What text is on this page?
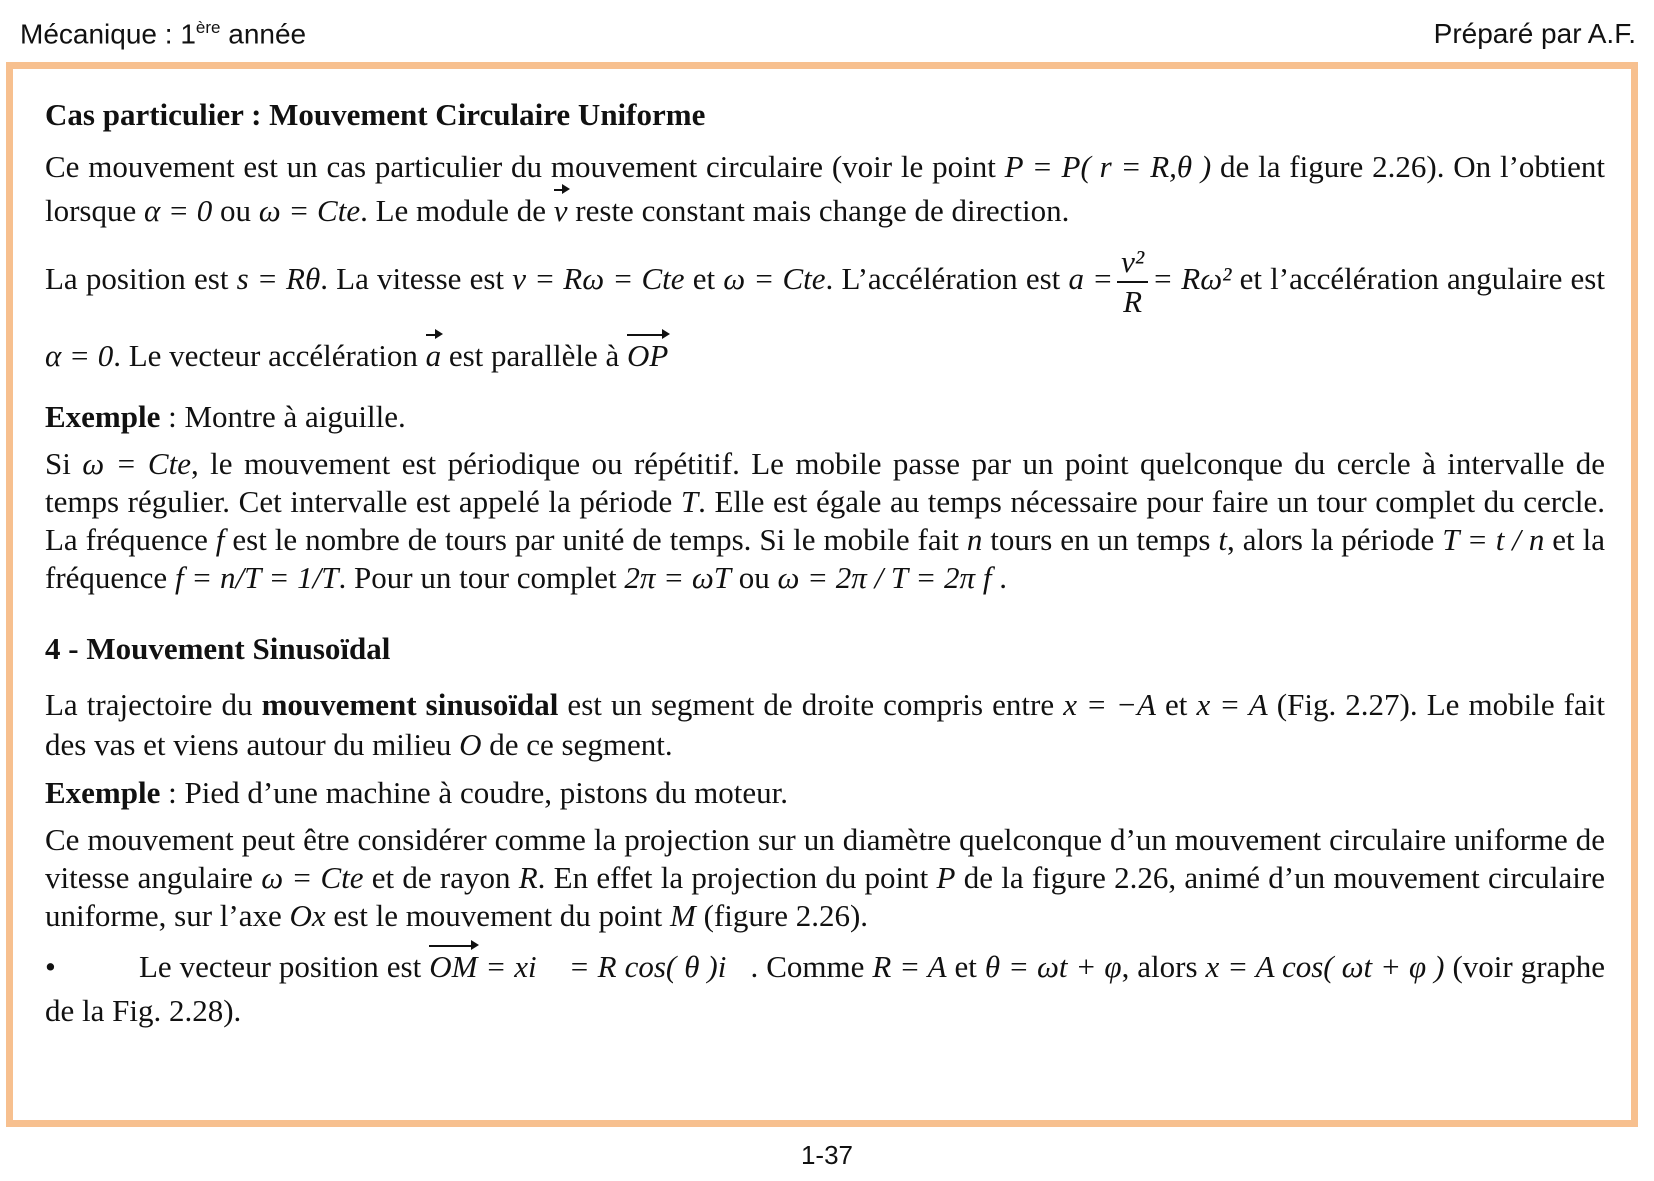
Mécanique : 1ère année	Préparé par A.F.

Cas particulier : Mouvement Circulaire Uniforme

Ce mouvement est un cas particulier du mouvement circulaire (voir le point P = P( r = R,θ ) de la figure 2.26). On l’obtient lorsque α = 0 ou ω = Cte. Le module de v reste constant mais change de direction.

La position est s = Rθ. La vitesse est v = Rω = Cte et ω = Cte. L’accélération est $a = \frac{\text{v²}}{R} = R\omega^2$ et l’accélération angulaire est α = 0. Le vecteur accélération a est parallèle à OP

Exemple : Montre à aiguille.

Si ω = Cte, le mouvement est périodique ou répétitif. Le mobile passe par un point quelconque du cercle à intervalle de temps régulier. Cet intervalle est appelé la période T. Elle est égale au temps nécessaire pour faire un tour complet du cercle. La fréquence f est le nombre de tours par unité de temps. Si le mobile fait n tours en un temps t, alors la période T = t / n et la fréquence f = n/T = 1/T. Pour un tour complet 2π = ωT ou ω = 2π / T = 2π f .

4 - Mouvement Sinusoïdal

La trajectoire du mouvement sinusoïdal est un segment de droite compris entre x = −A et x = A (Fig. 2.27). Le mobile fait des vas et viens autour du milieu O de ce segment.

Exemple : Pied d’une machine à coudre, pistons du moteur.

Ce mouvement peut être considérer comme la projection sur un diamètre quelconque d’un mouvement circulaire uniforme de vitesse angulaire ω = Cte et de rayon R. En effet la projection du point P de la figure 2.26, animé d’un mouvement circulaire uniforme, sur l’axe Ox est le mouvement du point M (figure 2.26).

•	Le vecteur position est OM = xi⃗ = R cos( θ )i⃗. Comme R = A et θ = ωt + φ, alors x = A cos( ωt + φ ) (voir graphe de la Fig. 2.28).

1-37
